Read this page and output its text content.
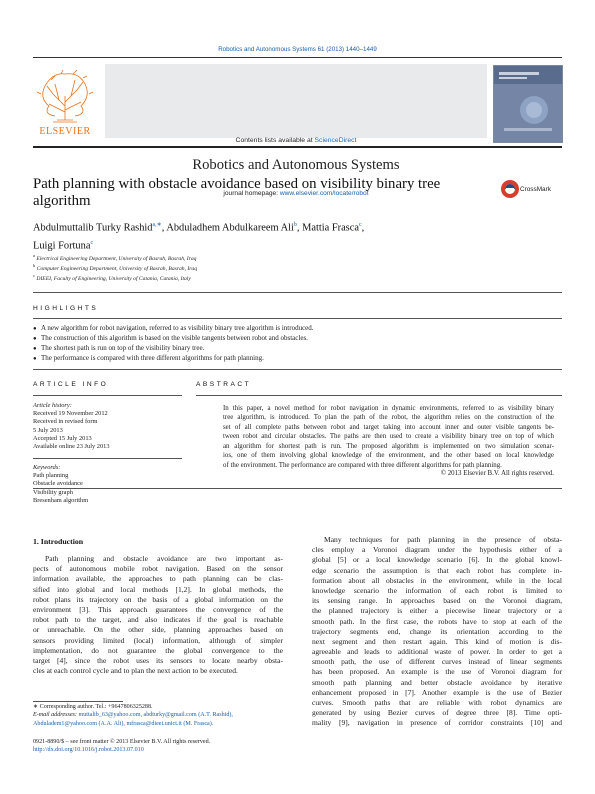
Robotics and Autonomous Systems 61 (2013) 1440–1449
ELSEVIER
Contents lists available at ScienceDirect
Robotics and Autonomous Systems
journal homepage: www.elsevier.com/locate/robot
Path planning with obstacle avoidance based on visibility binary tree algorithm
CrossMark
Abdulmuttalib Turky Rashid$^{a,∗}$, Abduladhem Abdulkareem Ali$^b$, Mattia Frasca$^c$,
Luigi Fortuna$^c$
$^a$ Electrical Engineering Department, University of Basrah, Basrah, Iraq
$^b$ Computer Engineering Department, University of Basrah, Basrah, Iraq
$^c$ DIEEI, Faculty of Engineering, University of Catania, Catania, Italy
HIGHLIGHTS
● A new algorithm for robot navigation, referred to as visibility binary tree algorithm is introduced.
● The construction of this algorithm is based on the visible tangents between robot and obstacles.
● The shortest path is run on top of the visibility binary tree.
● The performance is compared with three different algorithms for path planning.
ARTICLE INFO
Article history:
Received 19 November 2012
Received in revised form
5 July 2013
Accepted 15 July 2013
Available online 23 July 2013
Keywords:
Path planning
Obstacle avoidance
Visibility graph
Bresenham algorithm
ABSTRACT
In this paper, a novel method for robot navigation in dynamic environments, referred to as visibility binary
tree algorithm, is introduced. To plan the path of the robot, the algorithm relies on the construction of the
set of all complete paths between robot and target taking into account inner and outer visible tangents be-
tween robot and circular obstacles. The paths are then used to create a visibility binary tree on top of which
an algorithm for shortest path is run. The proposed algorithm is implemented on two simulation scenar-
ios, one of them involving global knowledge of the environment, and the other based on local knowledge
of the environment. The performance are compared with three different algorithms for path planning.
© 2013 Elsevier B.V. All rights reserved.
1. Introduction
Path planning and obstacle avoidance are two important as-
pects of autonomous mobile robot navigation. Based on the sensor
information available, the approaches to path planning can be clas-
sified into global and local methods [1,2]. In global methods, the
robot plans its trajectory on the basis of a global information on the
environment [3]. This approach guarantees the convergence of the
robot path to the target, and also indicates if the goal is reachable
or unreachable. On the other side, planning approaches based on
sensors providing limited (local) information, although of simpler
implementation, do not guarantee the global convergence to the
target [4], since the robot uses its sensors to locate nearby obsta-
cles at each control cycle and to plan the next action to be executed.
Many techniques for path planning in the presence of obsta-
cles employ a Voronoi diagram under the hypothesis either of a
global [5] or a local knowledge scenario [6]. In the global knowl-
edge scenario the assumption is that each robot has complete in-
formation about all obstacles in the environment, while in the local
knowledge scenario the information of each robot is limited to
its sensing range. In approaches based on the Voronoi diagram,
the planned trajectory is either a piecewise linear trajectory or a
smooth path. In the first case, the robots have to stop at each of the
trajectory segments end, change its orientation according to the
next segment and then restart again. This kind of motion is dis-
agreeable and leads to additional waste of power. In order to get a
smooth path, the use of different curves instead of linear segments
has been proposed. An example is the use of Voronoi diagram for
smooth path planning and better obstacle avoidance by iterative
enhancement proposed in [7]. Another example is the use of Bezier
curves. Smooth paths that are reliable with robot dynamics are
generated by using Bezier curves of degree three [8]. Time opti-
mality [9], navigation in presence of corridor constraints [10] and
∗ Corresponding author. Tel.: +9647806325288.
E-mail addresses: muttalib_63@yahoo.com, abdturky@gmail.com (A.T. Rashid),
Abduladem1@yahoo.com (A.A. Ali), mfrasca@dieei.unict.it (M. Frasca).
0921-8890/$ – see front matter © 2013 Elsevier B.V. All rights reserved.
http://dx.doi.org/10.1016/j.robot.2013.07.010
